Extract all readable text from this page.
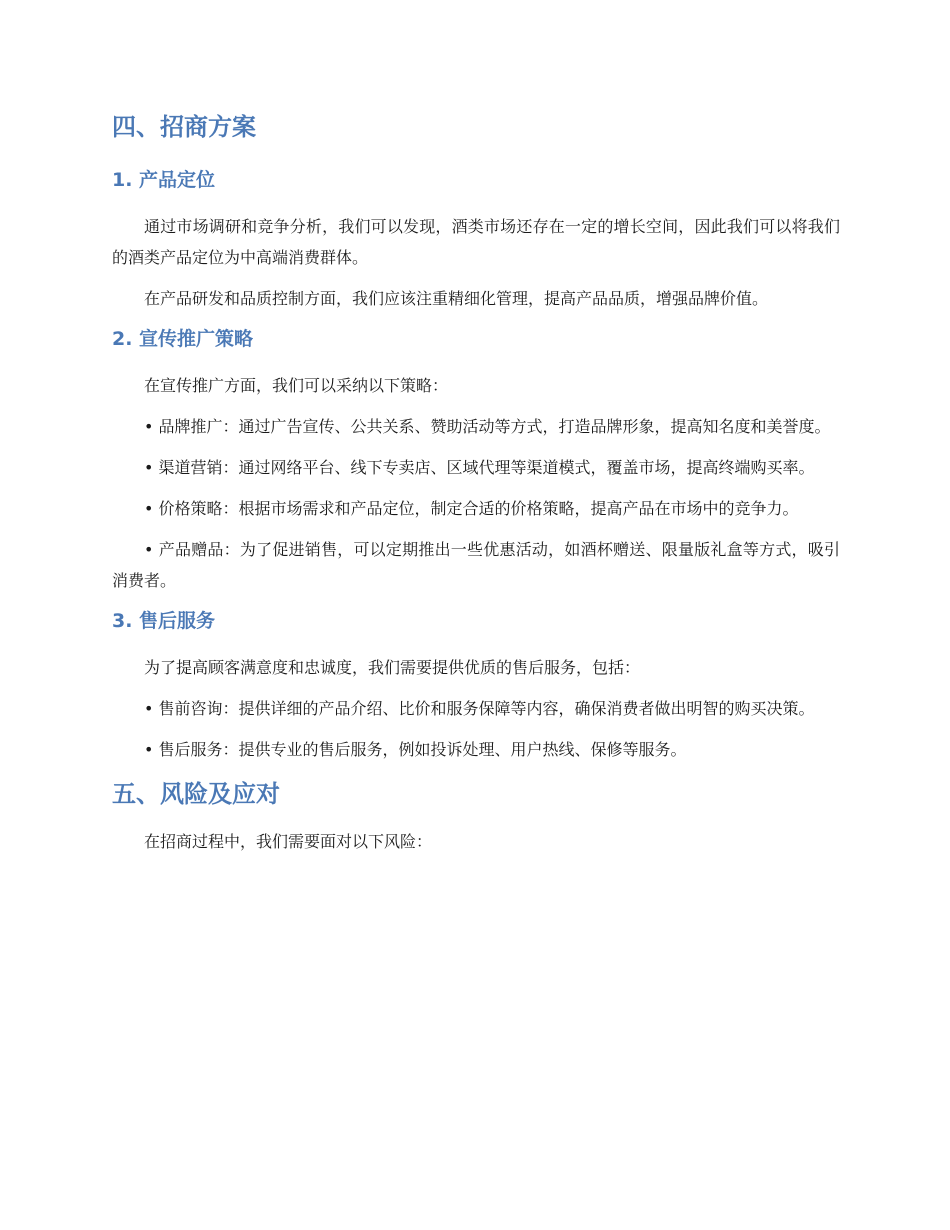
四、招商方案
1. 产品定位

通过市场调研和竞争分析，我们可以发现，酒类市场还存在一定的增长空间，因此我们可以将我们的酒类产品定位为中高端消费群体。

在产品研发和品质控制方面，我们应该注重精细化管理，提高产品品质，增强品牌价值。

2. 宣传推广策略

在宣传推广方面，我们可以采纳以下策略：

• 品牌推广：通过广告宣传、公共关系、赞助活动等方式，打造品牌形象，提高知名度和美誉度。

• 渠道营销：通过网络平台、线下专卖店、区域代理等渠道模式，覆盖市场，提高终端购买率。

• 价格策略：根据市场需求和产品定位，制定合适的价格策略，提高产品在市场中的竞争力。

• 产品赠品：为了促进销售，可以定期推出一些优惠活动，如酒杯赠送、限量版礼盒等方式，吸引消费者。

3. 售后服务

为了提高顾客满意度和忠诚度，我们需要提供优质的售后服务，包括：

• 售前咨询：提供详细的产品介绍、比价和服务保障等内容，确保消费者做出明智的购买决策。

• 售后服务：提供专业的售后服务，例如投诉处理、用户热线、保修等服务。

五、风险及应对

在招商过程中，我们需要面对以下风险：
